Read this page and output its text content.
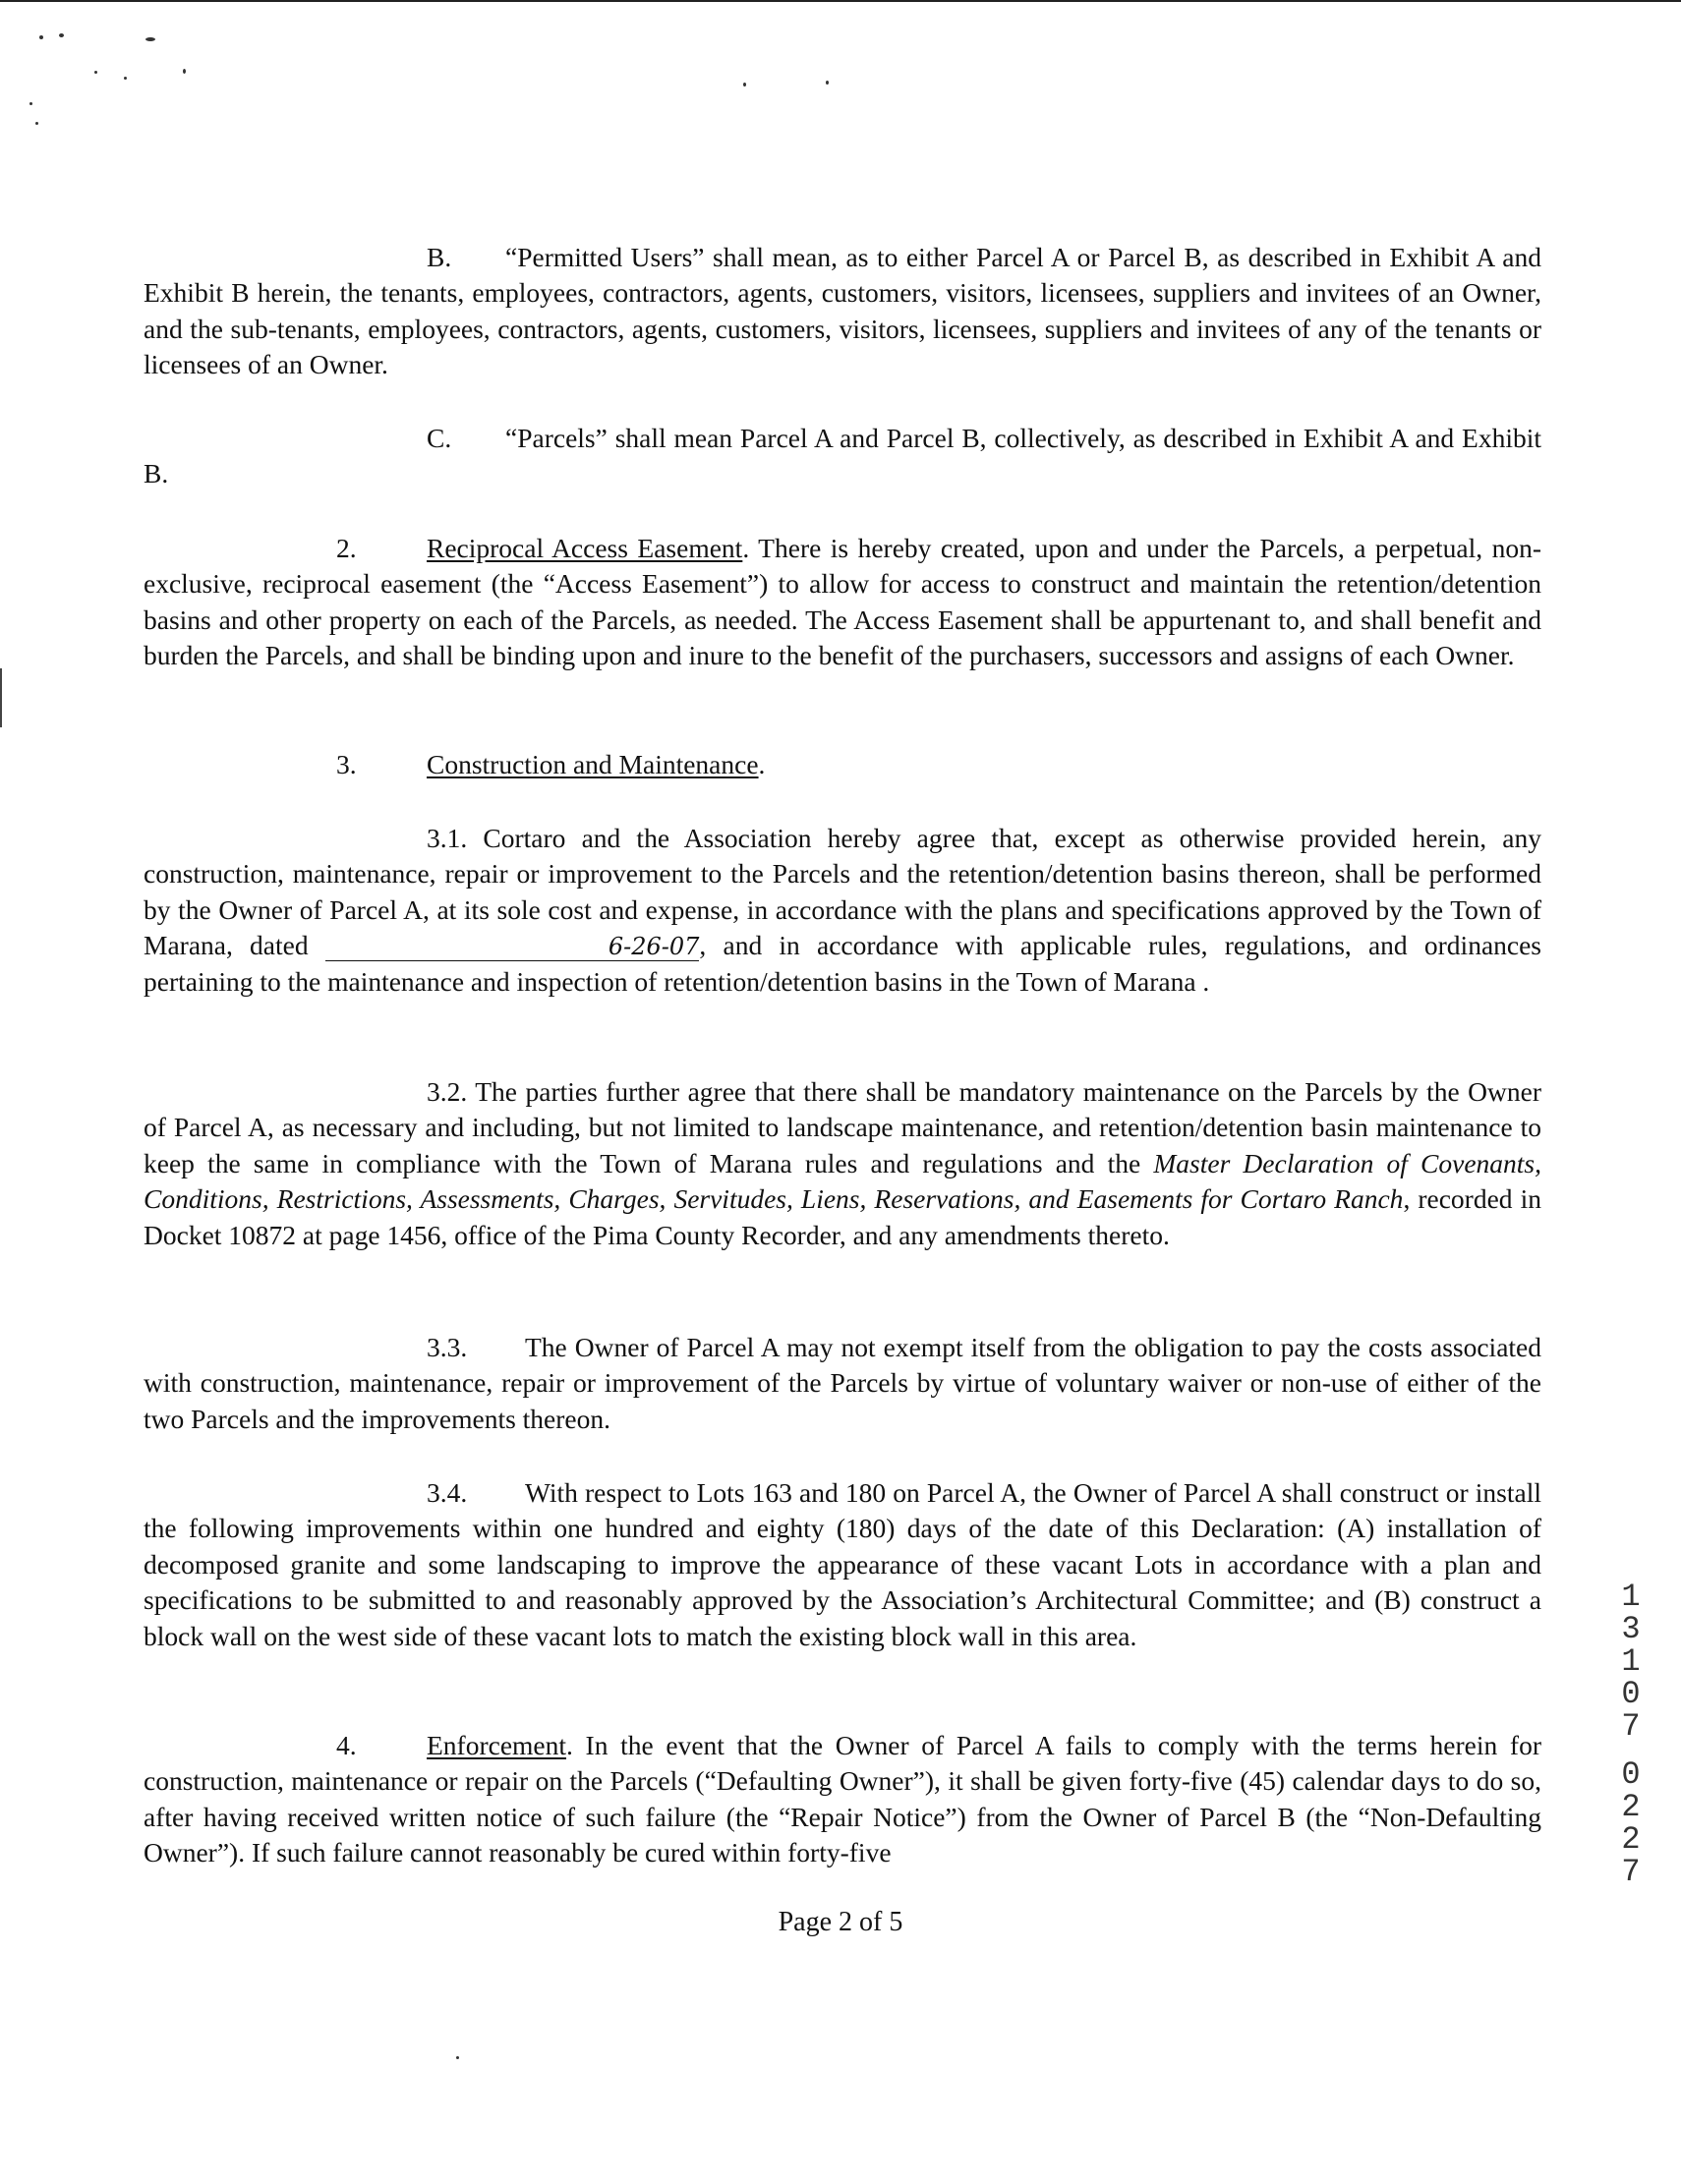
B. “Permitted Users” shall mean, as to either Parcel A or Parcel B, as described in Exhibit A and Exhibit B herein, the tenants, employees, contractors, agents, customers, visitors, licensees, suppliers and invitees of an Owner, and the sub-tenants, employees, contractors, agents, customers, visitors, licensees, suppliers and invitees of any of the tenants or licensees of an Owner.

C. “Parcels” shall mean Parcel A and Parcel B, collectively, as described in Exhibit A and Exhibit B.

2.	Reciprocal Access Easement. There is hereby created, upon and under the Parcels, a perpetual, non-exclusive, reciprocal easement (the “Access Easement”) to allow for access to construct and maintain the retention/detention basins and other property on each of the Parcels, as needed. The Access Easement shall be appurtenant to, and shall benefit and burden the Parcels, and shall be binding upon and inure to the benefit of the purchasers, successors and assigns of each Owner.

3.	Construction and Maintenance.

3.1. Cortaro and the Association hereby agree that, except as otherwise provided herein, any construction, maintenance, repair or improvement to the Parcels and the retention/detention basins thereon, shall be performed by the Owner of Parcel A, at its sole cost and expense, in accordance with the plans and specifications approved by the Town of Marana, dated	6-26-07, and in accordance with applicable rules, regulations, and ordinances pertaining to the maintenance and inspection of retention/detention basins in the Town of Marana .

3.2. The parties further agree that there shall be mandatory maintenance on the Parcels by the Owner of Parcel A, as necessary and including, but not limited to landscape maintenance, and retention/detention basin maintenance to keep the same in compliance with the Town of Marana rules and regulations and the Master Declaration of Covenants, Conditions, Restrictions, Assessments, Charges, Servitudes, Liens, Reservations, and Easements for Cortaro Ranch, recorded in Docket 10872 at page 1456, office of the Pima County Recorder, and any amendments thereto.

3.3. The Owner of Parcel A may not exempt itself from the obligation to pay the costs associated with construction, maintenance, repair or improvement of the Parcels by virtue of voluntary waiver or non-use of either of the two Parcels and the improvements thereon.

3.4. With respect to Lots 163 and 180 on Parcel A, the Owner of Parcel A shall construct or install the following improvements within one hundred and eighty (180) days of the date of this Declaration: (A) installation of decomposed granite and some landscaping to improve the appearance of these vacant Lots in accordance with a plan and specifications to be submitted to and reasonably approved by the Association’s Architectural Committee; and (B) construct a block wall on the west side of these vacant lots to match the existing block wall in this area.

4.	Enforcement. In the event that the Owner of Parcel A fails to comply with the terms herein for construction, maintenance or repair on the Parcels (“Defaulting Owner”), it shall be given forty-five (45) calendar days to do so, after having received written notice of such failure (the “Repair Notice”) from the Owner of Parcel B (the “Non-Defaulting Owner”). If such failure cannot reasonably be cured within forty-five

Page 2 of 5
1
3
1
0
7
0
2
2
7
